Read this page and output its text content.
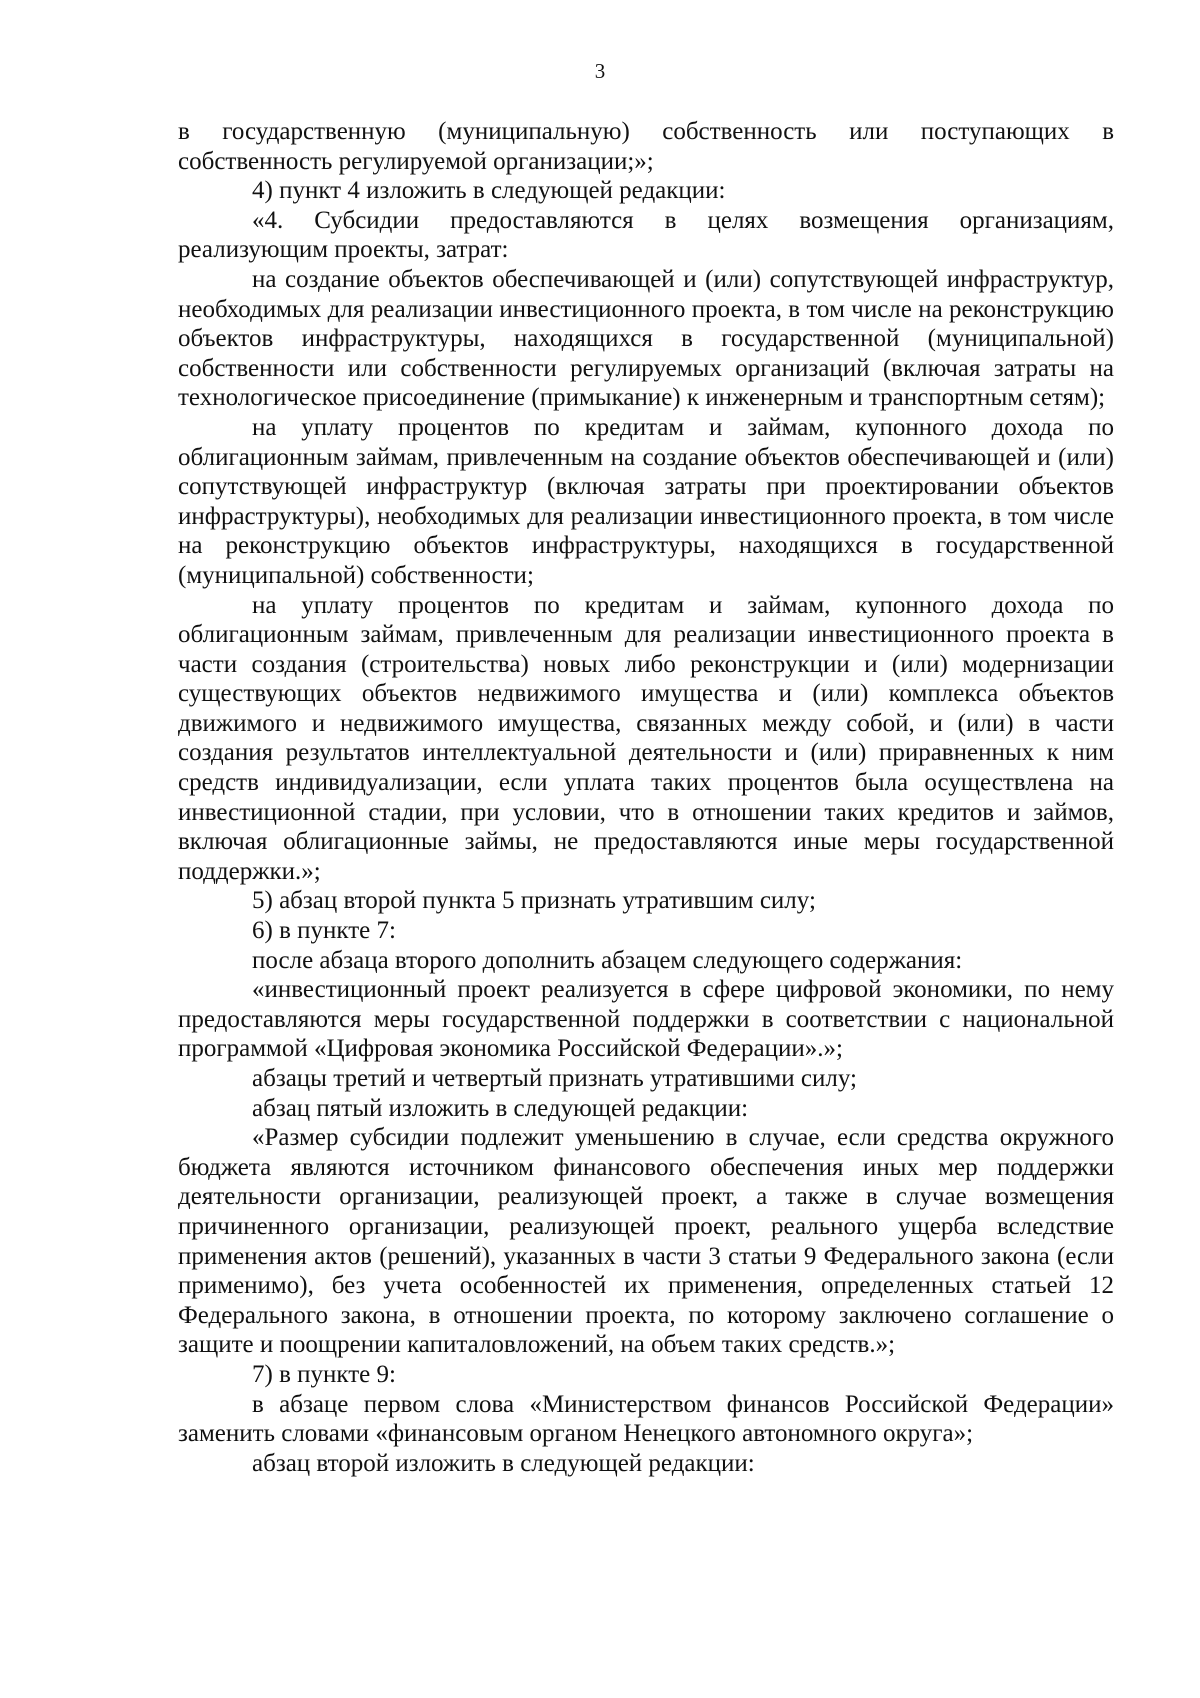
3

в государственную (муниципальную) собственность или поступающих в собственность регулируемой организации;»;

4) пункт 4 изложить в следующей редакции:

«4. Субсидии предоставляются в целях возмещения организациям, реализующим проекты, затрат:

на создание объектов обеспечивающей и (или) сопутствующей инфраструктур, необходимых для реализации инвестиционного проекта, в том числе на реконструкцию объектов инфраструктуры, находящихся в государственной (муниципальной) собственности или собственности регулируемых организаций (включая затраты на технологическое присоединение (примыкание) к инженерным и транспортным сетям);

на уплату процентов по кредитам и займам, купонного дохода по облигационным займам, привлеченным на создание объектов обеспечивающей и (или) сопутствующей инфраструктур (включая затраты при проектировании объектов инфраструктуры), необходимых для реализации инвестиционного проекта, в том числе на реконструкцию объектов инфраструктуры, находящихся в государственной (муниципальной) собственности;

на уплату процентов по кредитам и займам, купонного дохода по облигационным займам, привлеченным для реализации инвестиционного проекта в части создания (строительства) новых либо реконструкции и (или) модернизации существующих объектов недвижимого имущества и (или) комплекса объектов движимого и недвижимого имущества, связанных между собой, и (или) в части создания результатов интеллектуальной деятельности и (или) приравненных к ним средств индивидуализации, если уплата таких процентов была осуществлена на инвестиционной стадии, при условии, что в отношении таких кредитов и займов, включая облигационные займы, не предоставляются иные меры государственной поддержки.»;

5) абзац второй пункта 5 признать утратившим силу;

6) в пункте 7:

после абзаца второго дополнить абзацем следующего содержания:

«инвестиционный проект реализуется в сфере цифровой экономики, по нему предоставляются меры государственной поддержки в соответствии с национальной программой «Цифровая экономика Российской Федерации».»;

абзацы третий и четвертый признать утратившими силу;

абзац пятый изложить в следующей редакции:

«Размер субсидии подлежит уменьшению в случае, если средства окружного бюджета являются источником финансового обеспечения иных мер поддержки деятельности организации, реализующей проект, а также в случае возмещения причиненного организации, реализующей проект, реального ущерба вследствие применения актов (решений), указанных в части 3 статьи 9 Федерального закона (если применимо), без учета особенностей их применения, определенных статьей 12 Федерального закона, в отношении проекта, по которому заключено соглашение о защите и поощрении капиталовложений, на объем таких средств.»;

7) в пункте 9:

в абзаце первом слова «Министерством финансов Российской Федерации» заменить словами «финансовым органом Ненецкого автономного округа»;

абзац второй изложить в следующей редакции:
